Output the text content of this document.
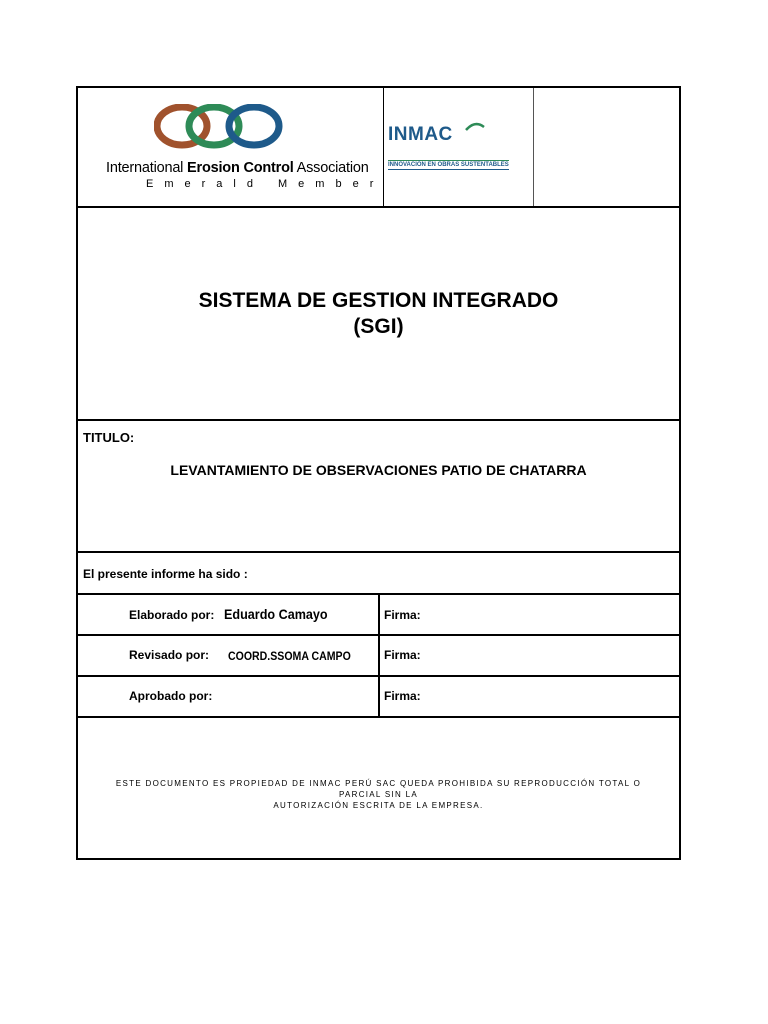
International Erosion Control Association
Emerald Member
INMAC
INNOVACIÓN EN OBRAS SUSTENTABLES
SISTEMA DE GESTION INTEGRADO
(SGI)
TITULO:
LEVANTAMIENTO DE OBSERVACIONES PATIO DE CHATARRA
El presente informe ha sido :
Elaborado por: Eduardo Camayo	Firma:
Revisado por: COORD.SSOMA CAMPO	Firma:
Aprobado por:	Firma:
ESTE DOCUMENTO ES PROPIEDAD DE INMAC PERÚ SAC QUEDA PROHIBIDA SU REPRODUCCIÓN TOTAL O PARCIAL SIN LA
AUTORIZACIÓN ESCRITA DE LA EMPRESA.
